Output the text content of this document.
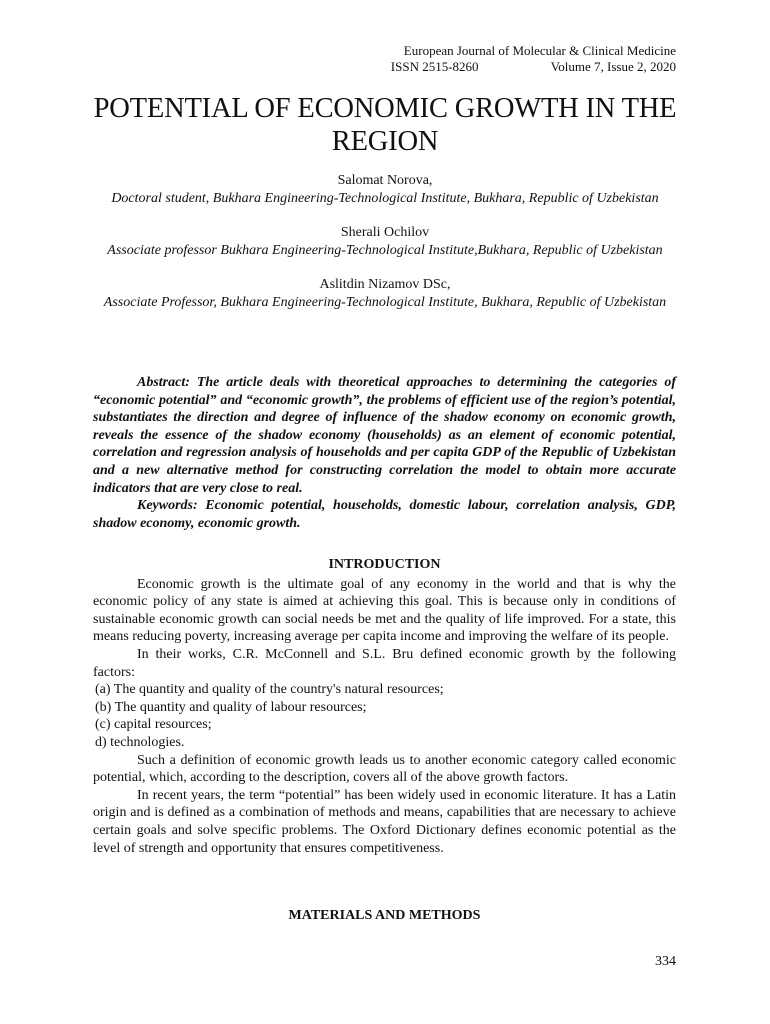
European Journal of Molecular & Clinical Medicine
ISSN 2515-8260	Volume 7, Issue 2, 2020
POTENTIAL OF ECONOMIC GROWTH IN THE REGION
Salomat Norova,
Doctoral student, Bukhara Engineering-Technological Institute, Bukhara, Republic of Uzbekistan
Sherali Ochilov
Associate professor Bukhara Engineering-Technological Institute,Bukhara, Republic of Uzbekistan
Aslitdin Nizamov DSc,
Associate Professor, Bukhara Engineering-Technological Institute, Bukhara, Republic of Uzbekistan

Abstract: The article deals with theoretical approaches to determining the categories of “economic potential” and “economic growth”, the problems of efficient use of the region’s potential, substantiates the direction and degree of influence of the shadow economy on economic growth, reveals the essence of the shadow economy (households) as an element of economic potential, correlation and regression analysis of households and per capita GDP of the Republic of Uzbekistan and a new alternative method for constructing correlation the model to obtain more accurate indicators that are very close to real.

Keywords: Economic potential, households, domestic labour, correlation analysis, GDP, shadow economy, economic growth.

INTRODUCTION

Economic growth is the ultimate goal of any economy in the world and that is why the economic policy of any state is aimed at achieving this goal. This is because only in conditions of sustainable economic growth can social needs be met and the quality of life improved. For a state, this means reducing poverty, increasing average per capita income and improving the welfare of its people.

In their works, C.R. McConnell and S.L. Bru defined economic growth by the following factors:

(a) The quantity and quality of the country's natural resources;

(b) The quantity and quality of labour resources;

(c) capital resources;

d) technologies.

Such a definition of economic growth leads us to another economic category called economic potential, which, according to the description, covers all of the above growth factors.

In recent years, the term “potential” has been widely used in economic literature. It has a Latin origin and is defined as a combination of methods and means, capabilities that are necessary to achieve certain goals and solve specific problems. The Oxford Dictionary defines economic potential as the level of strength and opportunity that ensures competitiveness.

MATERIALS AND METHODS
334
